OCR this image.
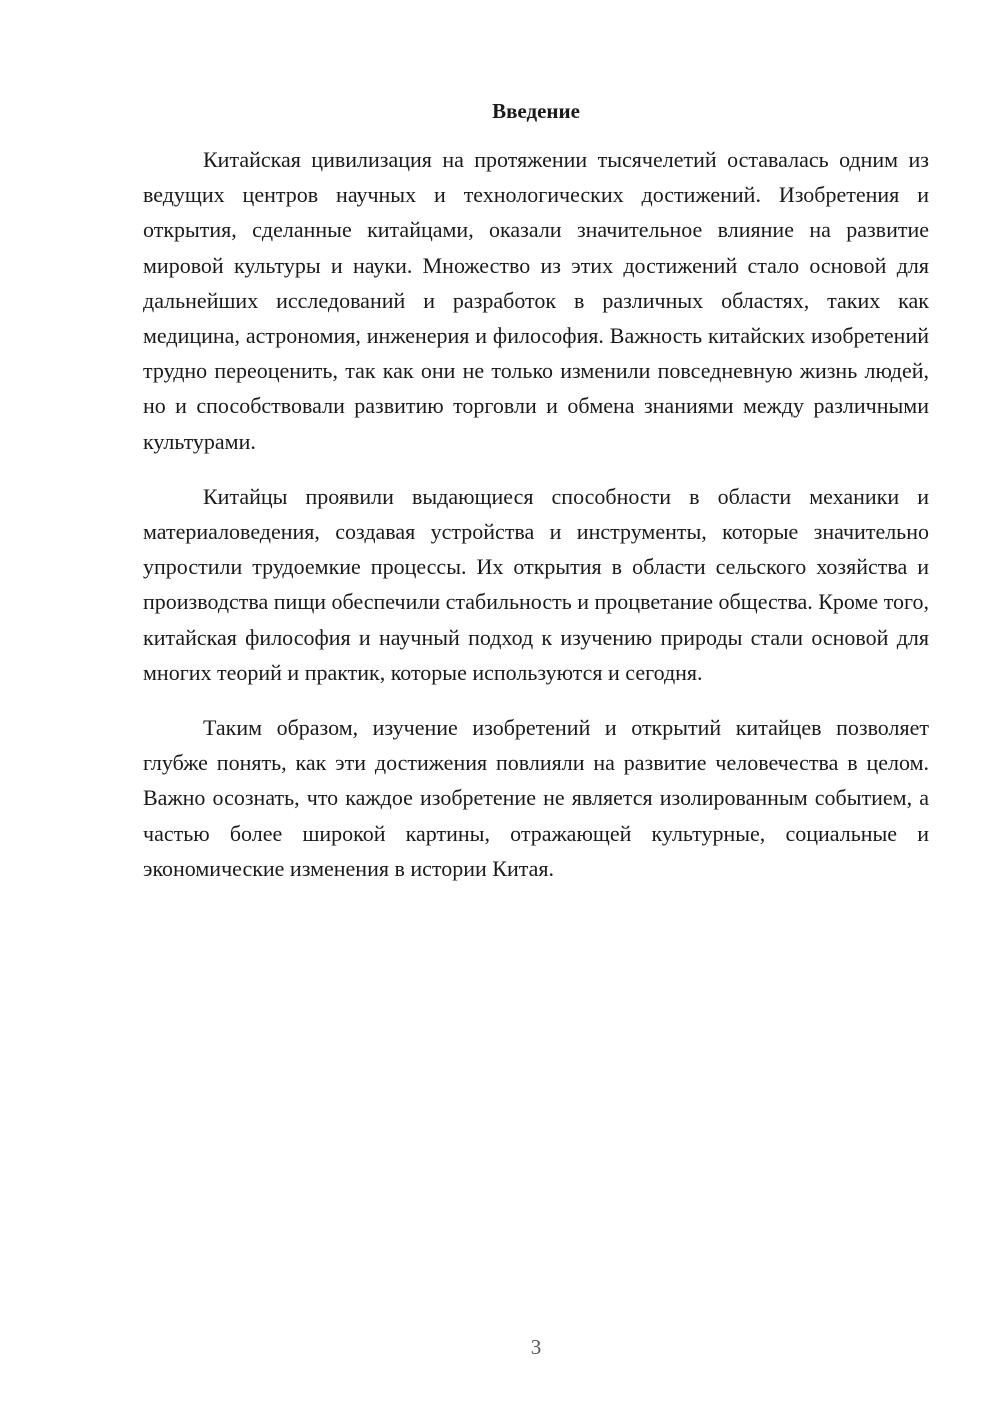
Введение

Китайская цивилизация на протяжении тысячелетий оставалась одним из ведущих центров научных и технологических достижений. Изобретения и открытия, сделанные китайцами, оказали значительное влияние на развитие мировой культуры и науки. Множество из этих достижений стало основой для дальнейших исследований и разработок в различных областях, таких как медицина, астрономия, инженерия и философия. Важность китайских изобретений трудно переоценить, так как они не только изменили повседневную жизнь людей, но и способствовали развитию торговли и обмена знаниями между различными культурами.

Китайцы проявили выдающиеся способности в области механики и материаловедения, создавая устройства и инструменты, которые значительно упростили трудоемкие процессы. Их открытия в области сельского хозяйства и производства пищи обеспечили стабильность и процветание общества. Кроме того, китайская философия и научный подход к изучению природы стали основой для многих теорий и практик, которые используются и сегодня.

Таким образом, изучение изобретений и открытий китайцев позволяет глубже понять, как эти достижения повлияли на развитие человечества в целом. Важно осознать, что каждое изобретение не является изолированным событием, а частью более широкой картины, отражающей культурные, социальные и экономические изменения в истории Китая.

3
